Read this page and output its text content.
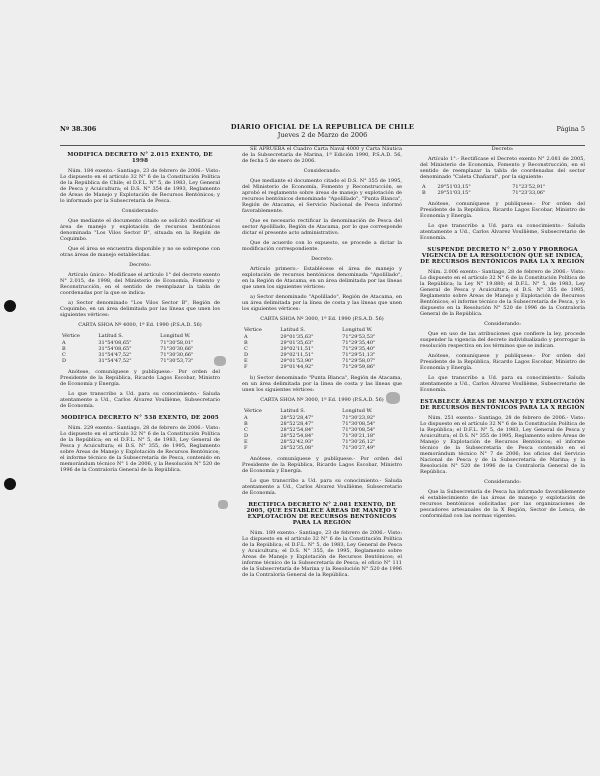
Nº 38.306	DIARIO OFICIAL DE LA REPUBLICA DE CHILE
Jueves 2 de Marzo de 2006
Página 5
MODIFICA DECRETO N° 2.015 EXENTO, DE 1998

Núm. 184 exento.- Santiago, 23 de febrero de 2006.- Visto: Lo dispuesto en el artículo 32 N° 6 de la Constitución Política de la República de Chile; el D.F.L. N° 5, de 1983, Ley General de Pesca y Acuicultura; el D.S. N° 354 de 1993, Reglamento de Áreas de Manejo y Explotación de Recursos Bentónicos; y lo informado por la Subsecretaría de Pesca.

Considerando:

Que mediante el documento citado se solicitó modificar el área de manejo y explotación de recursos bentónicos denominada "Los Vilos Sector B", situada en la Región de Coquimbo.

Que el área se encuentra disponible y no se sobrepone con otras áreas de manejo establecidas.

Decreto:

Artículo único.- Modifícase el artículo 1° del decreto exento N° 2.015, de 1998, del Ministerio de Economía, Fomento y Reconstrucción, en el sentido de reemplazar la tabla de coordenadas por la que se indica:

a) Sector denominado "Los Vilos Sector B", Región de Coquimbo, en un área delimitada por las líneas que unen los siguientes vértices:

CARTA SHOA Nº 4000, 1ª Ed. 1990 (P.S.A.D. 56)

Vértice	Latitud S.	Longitud W.
A	31°54'08,65"	71°30'58,01"
B	31°54'08,65"	71°30'30,66"
C	31°54'47,52"	71°30'30,66"
D	31°54'47,52"	71°30'53,73"

Anótese, comuníquese y publíquese.- Por orden del Presidente de la República, Ricardo Lagos Escobar, Ministro de Economía y Energía.

Lo que transcribo a Ud. para su conocimiento.- Saluda atentamente a Ud., Carlos Álvarez Voullième, Subsecretario de Economía.

MODIFICA DECRETO N° 538 EXENTO, DE 2005

Núm. 229 exento.- Santiago, 28 de febrero de 2006.- Visto: Lo dispuesto en el artículo 32 N° 6 de la Constitución Política de la República; en el D.F.L. N° 5, de 1983, Ley General de Pesca y Acuicultura; el D.S. N° 355, de 1995, Reglamento sobre Áreas de Manejo y Explotación de Recursos Bentónicos; el informe técnico de la Subsecretaría de Pesca, contenido en memorándum técnico N° 1 de 2006, y la Resolución N° 520 de 1996 de la Contraloría General de la República.

SE APRUEBA el Cuadro Carta Naval 4000 y Carta Náutica de la Subsecretaría de Marina, 1ª Edición 1990, P.S.A.D. 56, de fecha 5 de enero de 2006.

Considerando:

Que mediante el documento citado el D.S. N° 355 de 1995, del Ministerio de Economía, Fomento y Reconstrucción, se aprobó el reglamento sobre áreas de manejo y explotación de recursos bentónicos denominado "Apolillado", "Punta Blanca", Región de Atacama, el Servicio Nacional de Pesca informó favorablemente.

Que es necesario rectificar la denominación de Pesca del sector Apolillado, Región de Atacama, por lo que corresponde dictar el presente acto administrativo.

Que de acuerdo con lo expuesto, se procede a dictar la modificación correspondiente.

Decreto:

Artículo primero.- Establécese el área de manejo y explotación de recursos bentónicos denominada "Apolillado", en la Región de Atacama, en un área delimitada por las líneas que unen los siguientes vértices:

a) Sector denominado "Apolillado", Región de Atacama, en un área delimitada por la línea de costa y las líneas que unen los siguientes vértices:

CARTA SHOA Nº 3000, 1ª Ed. 1990 (P.S.A.D. 56)

Vértice	Latitud S.	Longitud W.
A	29°01'35,63"	71°29'53,53"
B	29°01'35,63"	71°29'35,40"
C	29°02'11,51"	71°29'35,40"
D	29°02'11,51"	71°29'51,13"
E	29°01'53,90"	71°29'58,07"
F	29°01'44,92"	71°29'59,86"

b) Sector denominado "Punta Blanca", Región de Atacama, en un área delimitada por la línea de costa y las líneas que unen los siguientes vértices:

CARTA SHOA Nº 3000, 1ª Ed. 1990 (P.S.A.D. 56)

Vértice	Latitud S.	Longitud W.
A	28°52'28,47"	71°30'23,92"
B	28°52'28,47"	71°30'08,54"
C	28°52'54,84"	71°30'08,54"
D	28°52'54,84"	71°30'21,18"
E	28°52'42,93"	71°30'26,12"
F	28°52'35,08"	71°30'27,49"

Anótese, comuníquese y publíquese.- Por orden del Presidente de la República, Ricardo Lagos Escobar, Ministro de Economía y Energía.

Lo que transcribo a Ud. para su conocimiento.- Saluda atentamente a Ud., Carlos Álvarez Voullième, Subsecretario de Economía.

RECTIFICA DECRETO N° 2.081 EXENTO, DE 2005, QUE ESTABLECE ÁREAS DE MANEJO Y EXPLOTACIÓN DE RECURSOS BENTÓNICOS PARA LA REGIÓN

Núm. 189 exento.- Santiago, 23 de febrero de 2006.- Visto: Lo dispuesto en el artículo 32 N° 6 de la Constitución Política de la República; el D.F.L. N° 5, de 1983, Ley General de Pesca y Acuicultura; el D.S. N° 355, de 1995, Reglamento sobre Áreas de Manejo y Explotación de Recursos Bentónicos; el informe técnico de la Subsecretaría de Pesca; el oficio N° 111 de la Subsecretaría de Marina y la Resolución N° 520 de 1996 de la Contraloría General de la República.

Decreto:

Artículo 1°.- Rectifícase el Decreto exento N° 2.081 de 2005, del Ministerio de Economía, Fomento y Reconstrucción, en el sentido de reemplazar la tabla de coordenadas del sector denominado "Caleta Chañaral", por la siguiente:

A	29°51'03,15"	71°23'52,91"
B	29°51'03,15"	71°23'33,06"

Anótese, comuníquese y publíquese.- Por orden del Presidente de la República, Ricardo Lagos Escobar, Ministro de Economía y Energía.

Lo que transcribo a Ud. para su conocimiento.- Saluda atentamente a Ud., Carlos Álvarez Voullième, Subsecretario de Economía.

SUSPENDE DECRETO N° 2.050 Y PRORROGA VIGENCIA DE LA RESOLUCIÓN QUE SE INDICA, DE RECURSOS BENTÓNICOS PARA LA X REGIÓN

Núm. 2.006 exento.- Santiago, 28 de febrero de 2006.- Visto: Lo dispuesto en el artículo 32 N° 6 de la Constitución Política de la República; la Ley N° 19.880; el D.F.L. N° 5, de 1983, Ley General de Pesca y Acuicultura; el D.S. N° 355 de 1995, Reglamento sobre Áreas de Manejo y Explotación de Recursos Bentónicos; el informe técnico de la Subsecretaría de Pesca, y lo dispuesto en la Resolución N° 520 de 1996 de la Contraloría General de la República.

Considerando:

Que en uso de las atribuciones que confiere la ley, procede suspender la vigencia del decreto individualizado y prorrogar la resolución respectiva en los términos que se indican.

Anótese, comuníquese y publíquese.- Por orden del Presidente de la República, Ricardo Lagos Escobar, Ministro de Economía y Energía.

Lo que transcribo a Ud. para su conocimiento.- Saluda atentamente a Ud., Carlos Álvarez Voullième, Subsecretario de Economía.

ESTABLECE ÁREAS DE MANEJO Y EXPLOTACIÓN DE RECURSOS BENTÓNICOS PARA LA X REGIÓN

Núm. 251 exento.- Santiago, 28 de febrero de 2006.- Visto: Lo dispuesto en el artículo 32 N° 6 de la Constitución Política de la República; el D.F.L. N° 5, de 1983, Ley General de Pesca y Acuicultura; el D.S. N° 355 de 1995, Reglamento sobre Áreas de Manejo y Explotación de Recursos Bentónicos; el informe técnico de la Subsecretaría de Pesca contenido en el memorándum técnico N° 7 de 2006; los oficios del Servicio Nacional de Pesca y de la Subsecretaría de Marina; y la Resolución N° 520 de 1996 de la Contraloría General de la República.

Considerando:

Que la Subsecretaría de Pesca ha informado favorablemente el establecimiento de las áreas de manejo y explotación de recursos bentónicos solicitadas por las organizaciones de pescadores artesanales de la X Región, Sector de Lenca, de conformidad con las normas vigentes.
